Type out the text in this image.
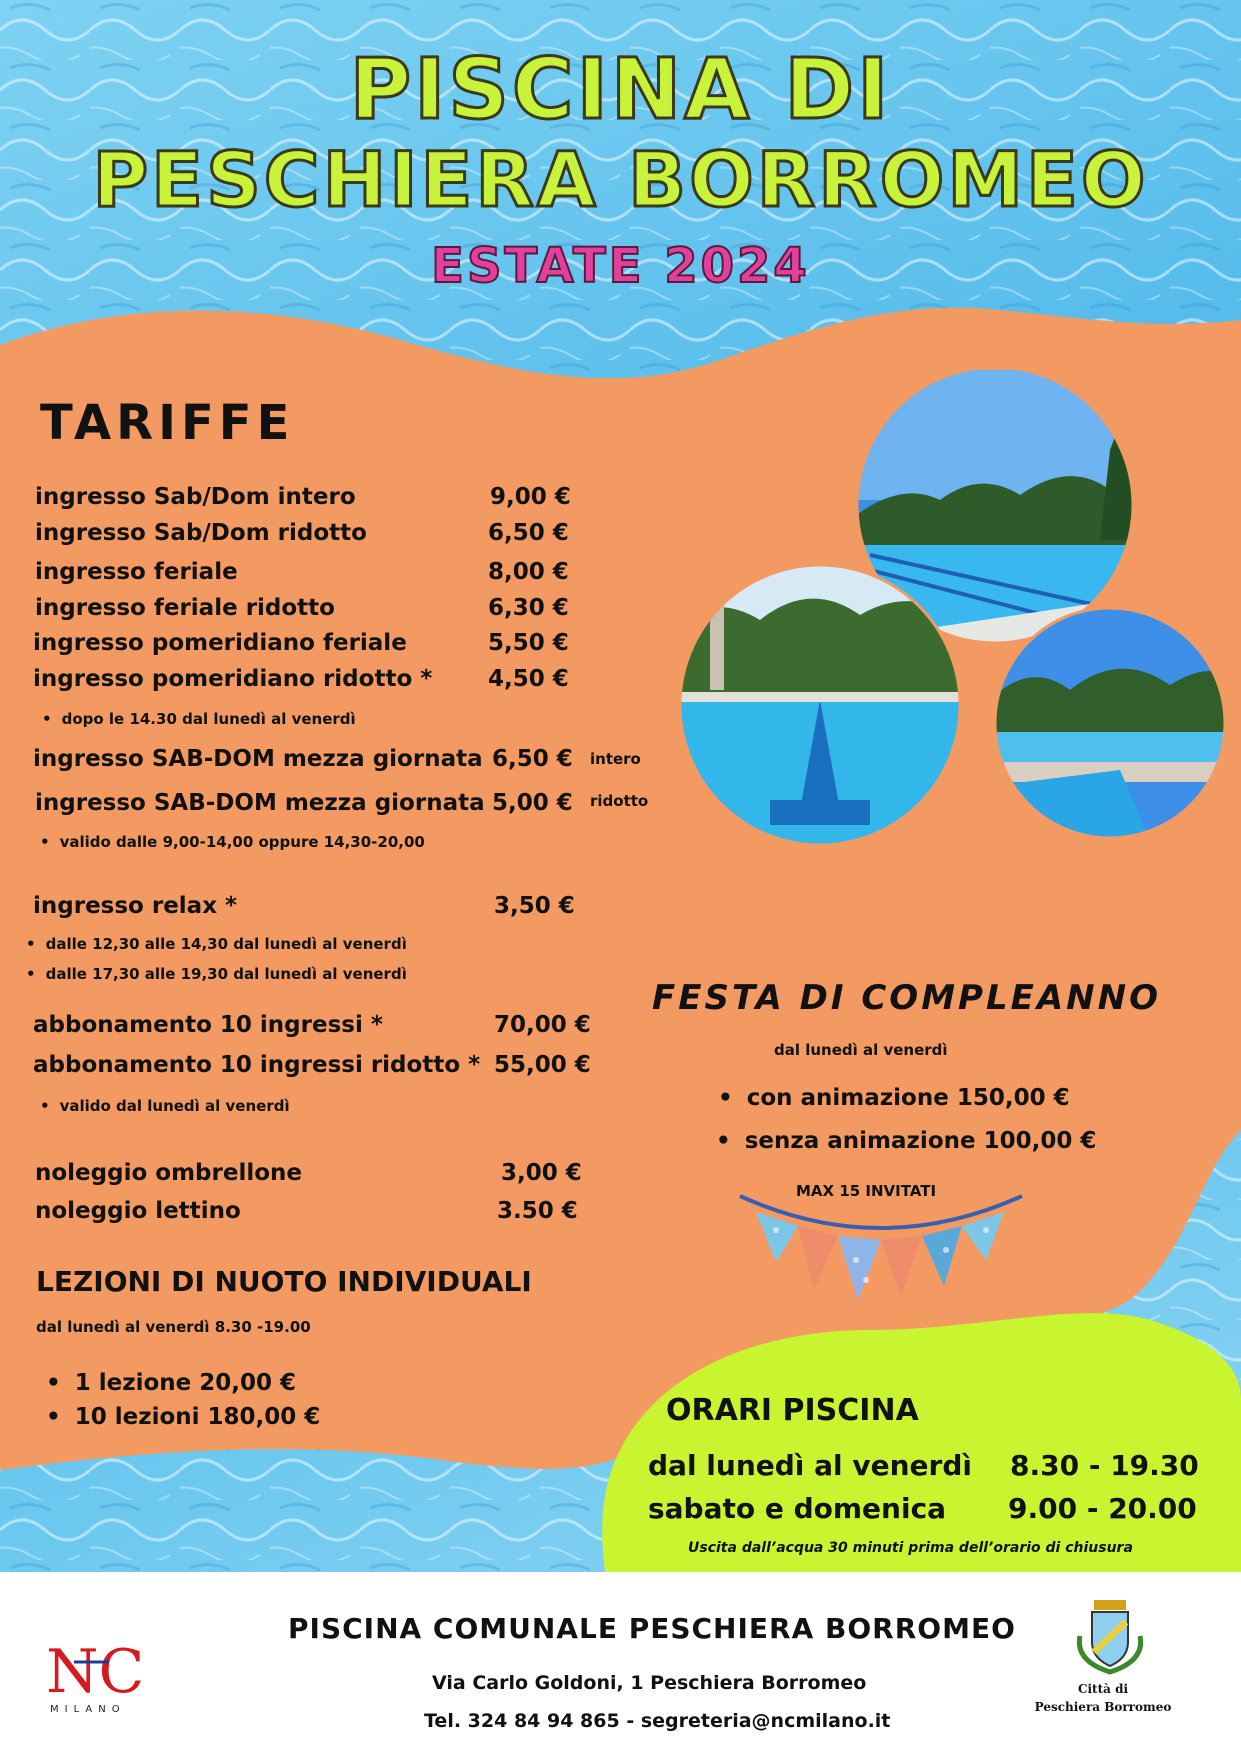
PISCINA DI
PESCHIERA BORROMEO
ESTATE 2024
TARIFFE
ingresso Sab/Dom intero	9,00 €
ingresso Sab/Dom ridotto	6,50 €
ingresso feriale	8,00 €
ingresso feriale ridotto	6,30 €
ingresso pomeridiano feriale	5,50 €
ingresso pomeridiano ridotto * 4,50 €
• dopo le 14.30 dal lunedì al venerdì
ingresso SAB-DOM mezza giornata 6,50 € intero
ingresso SAB-DOM mezza giornata 5,00 € ridotto
• valido dalle 9,00-14,00 oppure 14,30-20,00
ingresso relax *	3,50 €
• dalle 12,30 alle 14,30 dal lunedì al venerdì
• dalle 17,30 alle 19,30 dal lunedì al venerdì
abbonamento 10 ingressi *	70,00 €
abbonamento 10 ingressi ridotto * 55,00 €
• valido dal lunedì al venerdì
noleggio ombrellone	3,00 €
noleggio lettino	3.50 €
LEZIONI DI NUOTO INDIVIDUALI
dal lunedì al venerdì 8.30 -19.00
• 1 lezione 20,00 €
• 10 lezioni 180,00 €
FESTA DI COMPLEANNO
dal lunedì al venerdì
• con animazione 150,00 €
• senza animazione 100,00 €
MAX 15 INVITATI
ORARI PISCINA
dal lunedì al venerdì 8.30 - 19.30
sabato e domenica 9.00 - 20.00
Uscita dall’acqua 30 minuti prima dell’orario di chiusura
NC
MILANO
PISCINA COMUNALE PESCHIERA BORROMEO
Via Carlo Goldoni, 1 Peschiera Borromeo
Tel. 324 84 94 865 - segreteria@ncmilano.it
Città di
Peschiera Borromeo
